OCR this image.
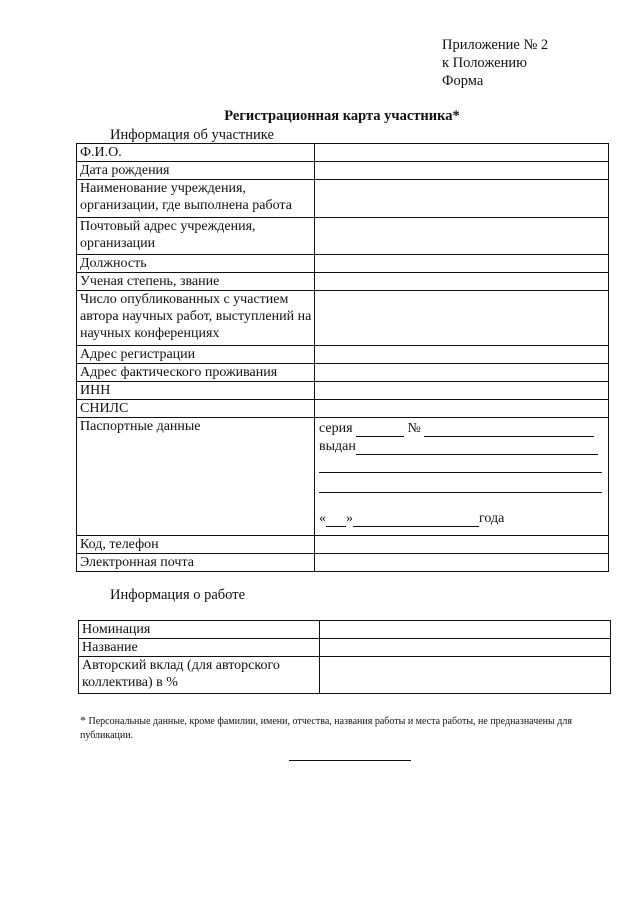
Приложение № 2
к Положению
Форма
Регистрационная карта участника*
Информация об участнике
Ф.И.О.	
Дата рождения	
Наименование учреждения, организации, где выполнена работа	
Почтовый адрес учреждения, организации	
Должность	
Ученая степень, звание	
Число опубликованных с участием автора научных работ, выступлений на научных конференциях	
Адрес регистрации	
Адрес фактического проживания	
ИНН	
СНИЛС	
Паспортные данные	серия №
выдан
« » года

Код, телефон	
Электронная почта	
Информация о работе
Номинация	
Название	
Авторский вклад (для авторского коллектива) в %	
* Персональные данные, кроме фамилии, имени, отчества, названия работы и места работы, не предназначены для публикации.
